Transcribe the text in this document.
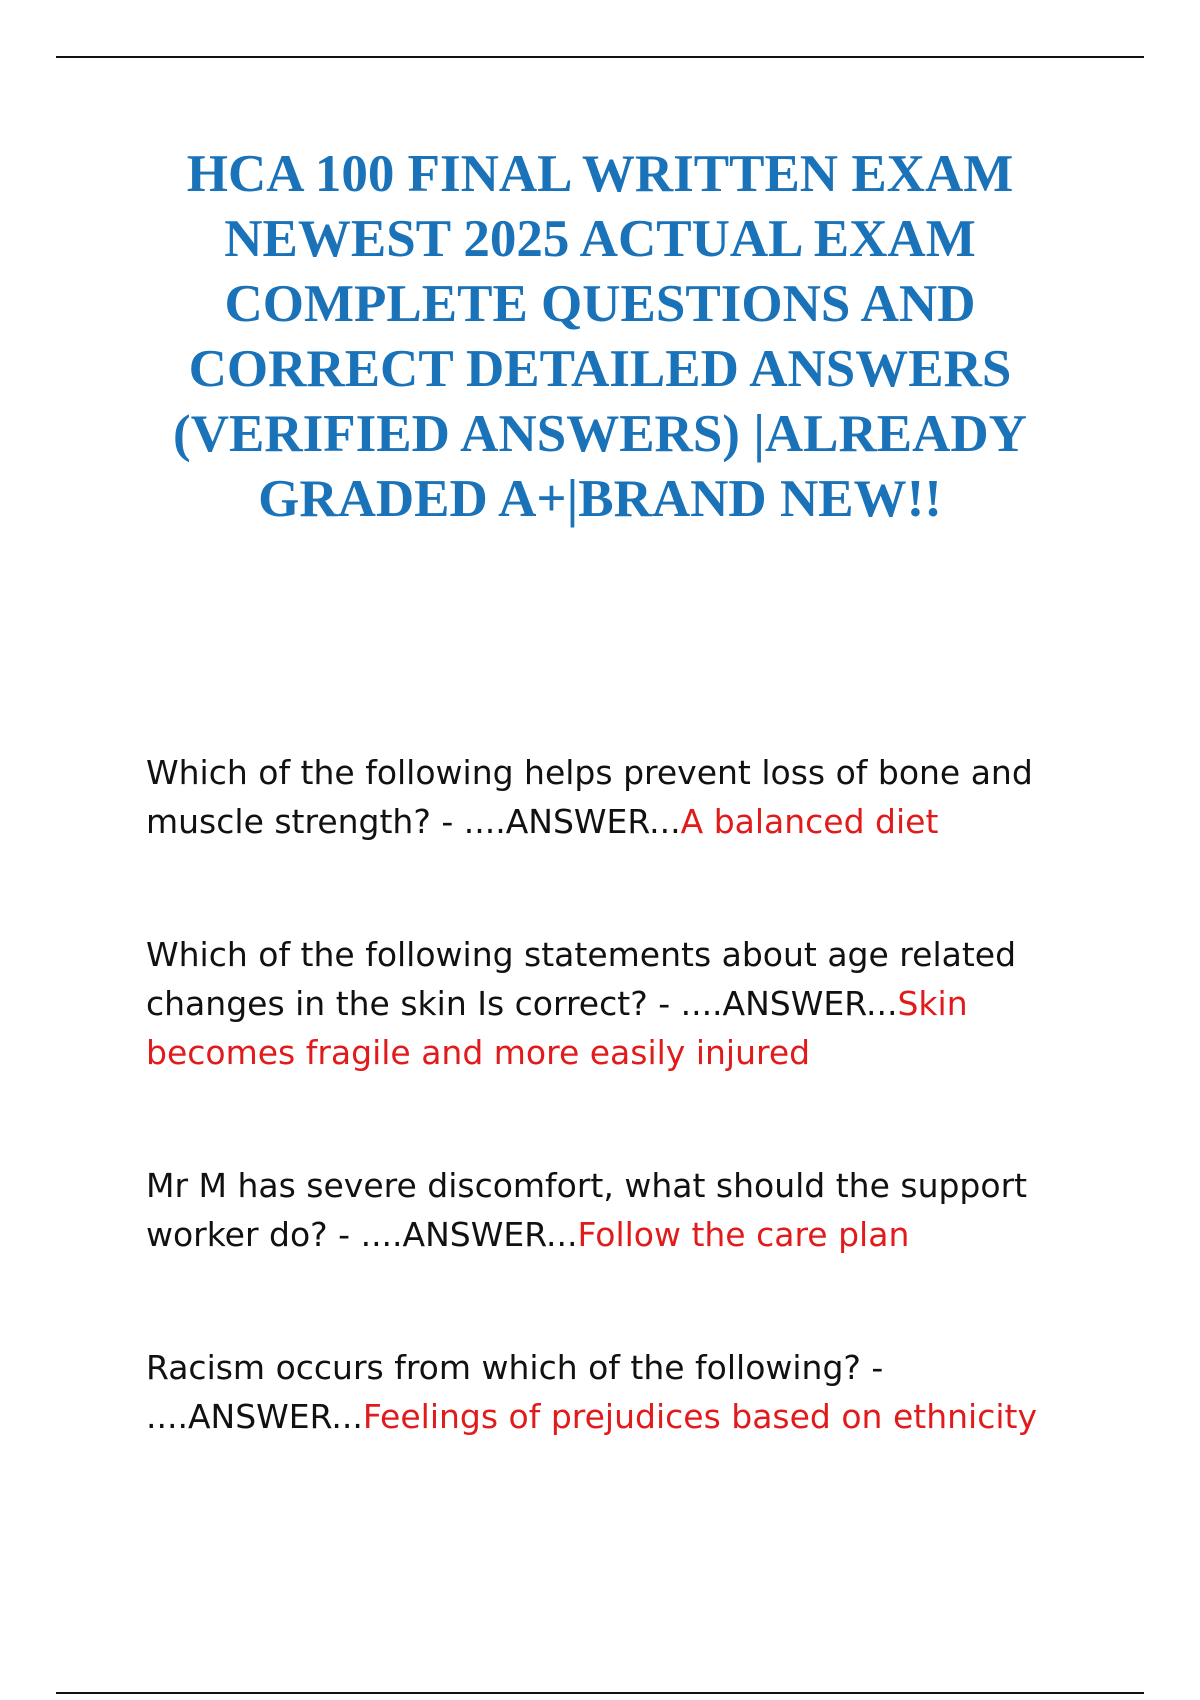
HCA 100 FINAL WRITTEN EXAM
NEWEST 2025 ACTUAL EXAM
COMPLETE QUESTIONS AND
CORRECT DETAILED ANSWERS
(VERIFIED ANSWERS) |ALREADY
GRADED A+|BRAND NEW!!

Which of the following helps prevent loss of bone and muscle strength? - ....ANSWER...A balanced diet

Which of the following statements about age related changes in the skin Is correct? - ....ANSWER...Skin becomes fragile and more easily injured

Mr M has severe discomfort, what should the support worker do? - ....ANSWER...Follow the care plan

Racism occurs from which of the following? - ....ANSWER...Feelings of prejudices based on ethnicity
